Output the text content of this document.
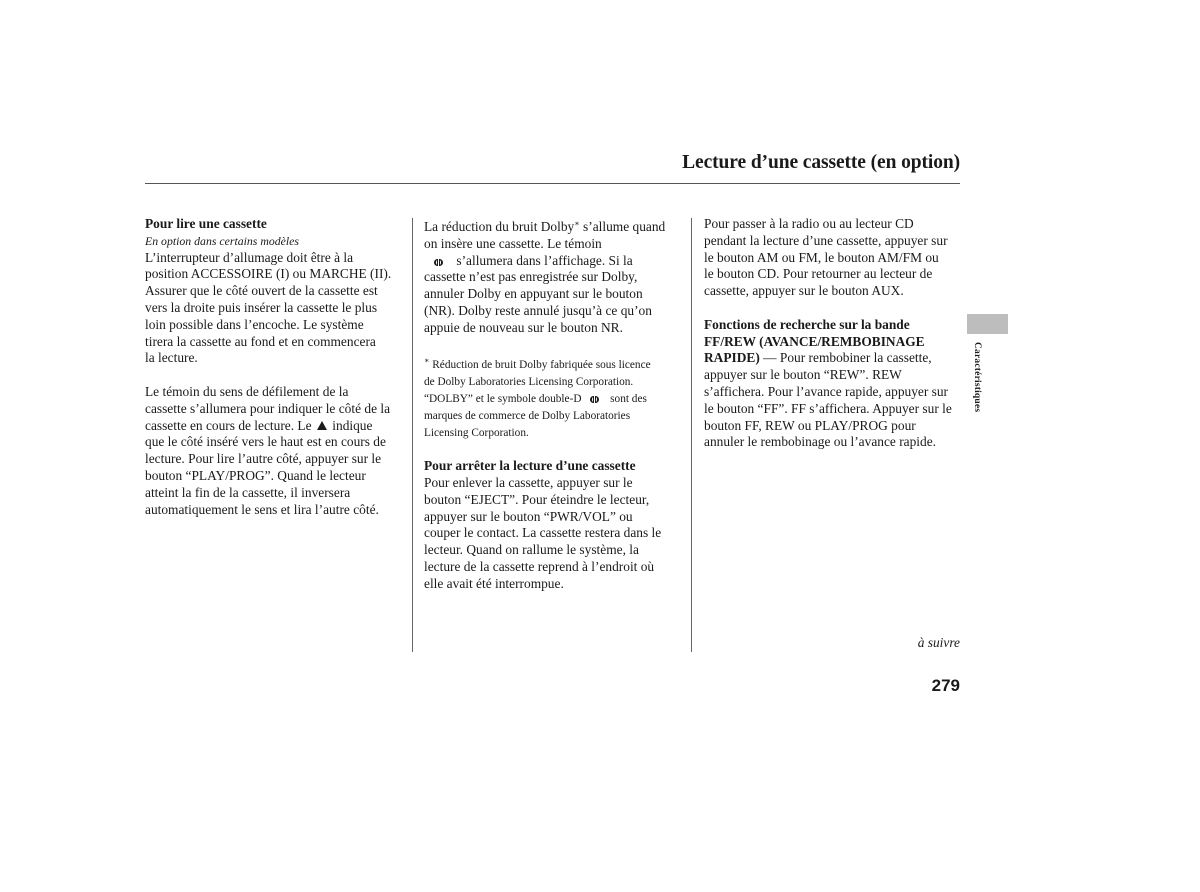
Lecture d’une cassette (en option)

Pour lire une cassette

En option dans certains modèles

L’interrupteur d’allumage doit être à la
position ACCESSOIRE (I) ou MARCHE (II).
Assurer que le côté ouvert de la cassette est
vers la droite puis insérer la cassette le plus
loin possible dans l’encoche. Le système
tirera la cassette au fond et en commencera
la lecture.

Le témoin du sens de défilement de la
cassette s’allumera pour indiquer le côté de la
cassette en cours de lecture. Le indique
que le côté inséré vers le haut est en cours de
lecture. Pour lire l’autre côté, appuyer sur le
bouton “PLAY/PROG”. Quand le lecteur
atteint la fin de la cassette, il inversera
automatiquement le sens et lira l’autre côté.

La réduction du bruit Dolby∗ s’allume quand
on insère une cassette. Le témoin

s’allumera dans l’affichage. Si la
cassette n’est pas enregistrée sur Dolby,
annuler Dolby en appuyant sur le bouton
(NR). Dolby reste annulé jusqu’à ce qu’on
appuie de nouveau sur le bouton NR.

∗ Réduction de bruit Dolby fabriquée sous licence
de Dolby Laboratories Licensing Corporation.
“DOLBY” et le symbole double-D	sont des
marques de commerce de Dolby Laboratories
Licensing Corporation.

Pour arrêter la lecture d’une cassette

Pour enlever la cassette, appuyer sur le
bouton “EJECT”. Pour éteindre le lecteur,
appuyer sur le bouton “PWR/VOL” ou
couper le contact. La cassette restera dans le
lecteur. Quand on rallume le système, la
lecture de la cassette reprend à l’endroit où
elle avait été interrompue.

Pour passer à la radio ou au lecteur CD
pendant la lecture d’une cassette, appuyer sur
le bouton AM ou FM, le bouton AM/FM ou
le bouton CD. Pour retourner au lecteur de
cassette, appuyer sur le bouton AUX.

Fonctions de recherche sur la bande
FF/REW (AVANCE/REMBOBINAGE
RAPIDE) — Pour rembobiner la cassette,
appuyer sur le bouton “REW”. REW
s’affichera. Pour l’avance rapide, appuyer sur
le bouton “FF”. FF s’affichera. Appuyer sur le
bouton FF, REW ou PLAY/PROG pour
annuler le rembobinage ou l’avance rapide.

Caractéristiques
à suivre
279
